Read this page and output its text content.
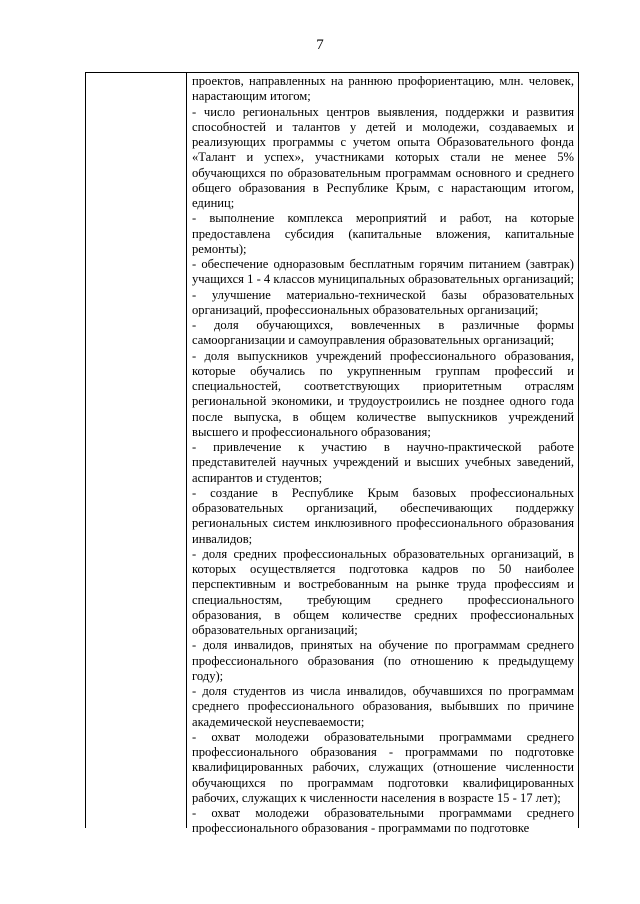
7

проектов, направленных на раннюю профориентацию, млн. человек, нарастающим итогом;

- число региональных центров выявления, поддержки и развития способностей и талантов у детей и молодежи, создаваемых и реализующих программы с учетом опыта Образовательного фонда «Талант и успех», участниками которых стали не менее 5% обучающихся по образовательным программам основного и среднего общего образования в Республике Крым, с нарастающим итогом, единиц;

- выполнение комплекса мероприятий и работ, на которые предоставлена субсидия (капитальные вложения, капитальные ремонты);

- обеспечение одноразовым бесплатным горячим питанием (завтрак) учащихся 1 - 4 классов муниципальных образовательных организаций;

- улучшение материально-технической базы образовательных организаций, профессиональных образовательных организаций;

- доля обучающихся, вовлеченных в различные формы самоорганизации и самоуправления образовательных организаций;

- доля выпускников учреждений профессионального образования, которые обучались по укрупненным группам профессий и специальностей, соответствующих приоритетным отраслям региональной экономики, и трудоустроились не позднее одного года после выпуска, в общем количестве выпускников учреждений высшего и профессионального образования;

- привлечение к участию в научно-практической работе представителей научных учреждений и высших учебных заведений, аспирантов и студентов;

- создание в Республике Крым базовых профессиональных образовательных организаций, обеспечивающих поддержку региональных систем инклюзивного профессионального образования инвалидов;

- доля средних профессиональных образовательных организаций, в которых осуществляется подготовка кадров по 50 наиболее перспективным и востребованным на рынке труда профессиям и специальностям, требующим среднего профессионального образования, в общем количестве средних профессиональных образовательных организаций;

- доля инвалидов, принятых на обучение по программам среднего профессионального образования (по отношению к предыдущему году);

- доля студентов из числа инвалидов, обучавшихся по программам среднего профессионального образования, выбывших по причине академической неуспеваемости;

- охват молодежи образовательными программами среднего профессионального образования - программами по подготовке квалифицированных рабочих, служащих (отношение численности обучающихся по программам подготовки квалифицированных рабочих, служащих к численности населения в возрасте 15 - 17 лет);

- охват молодежи образовательными программами среднего профессионального образования - программами по подготовке
